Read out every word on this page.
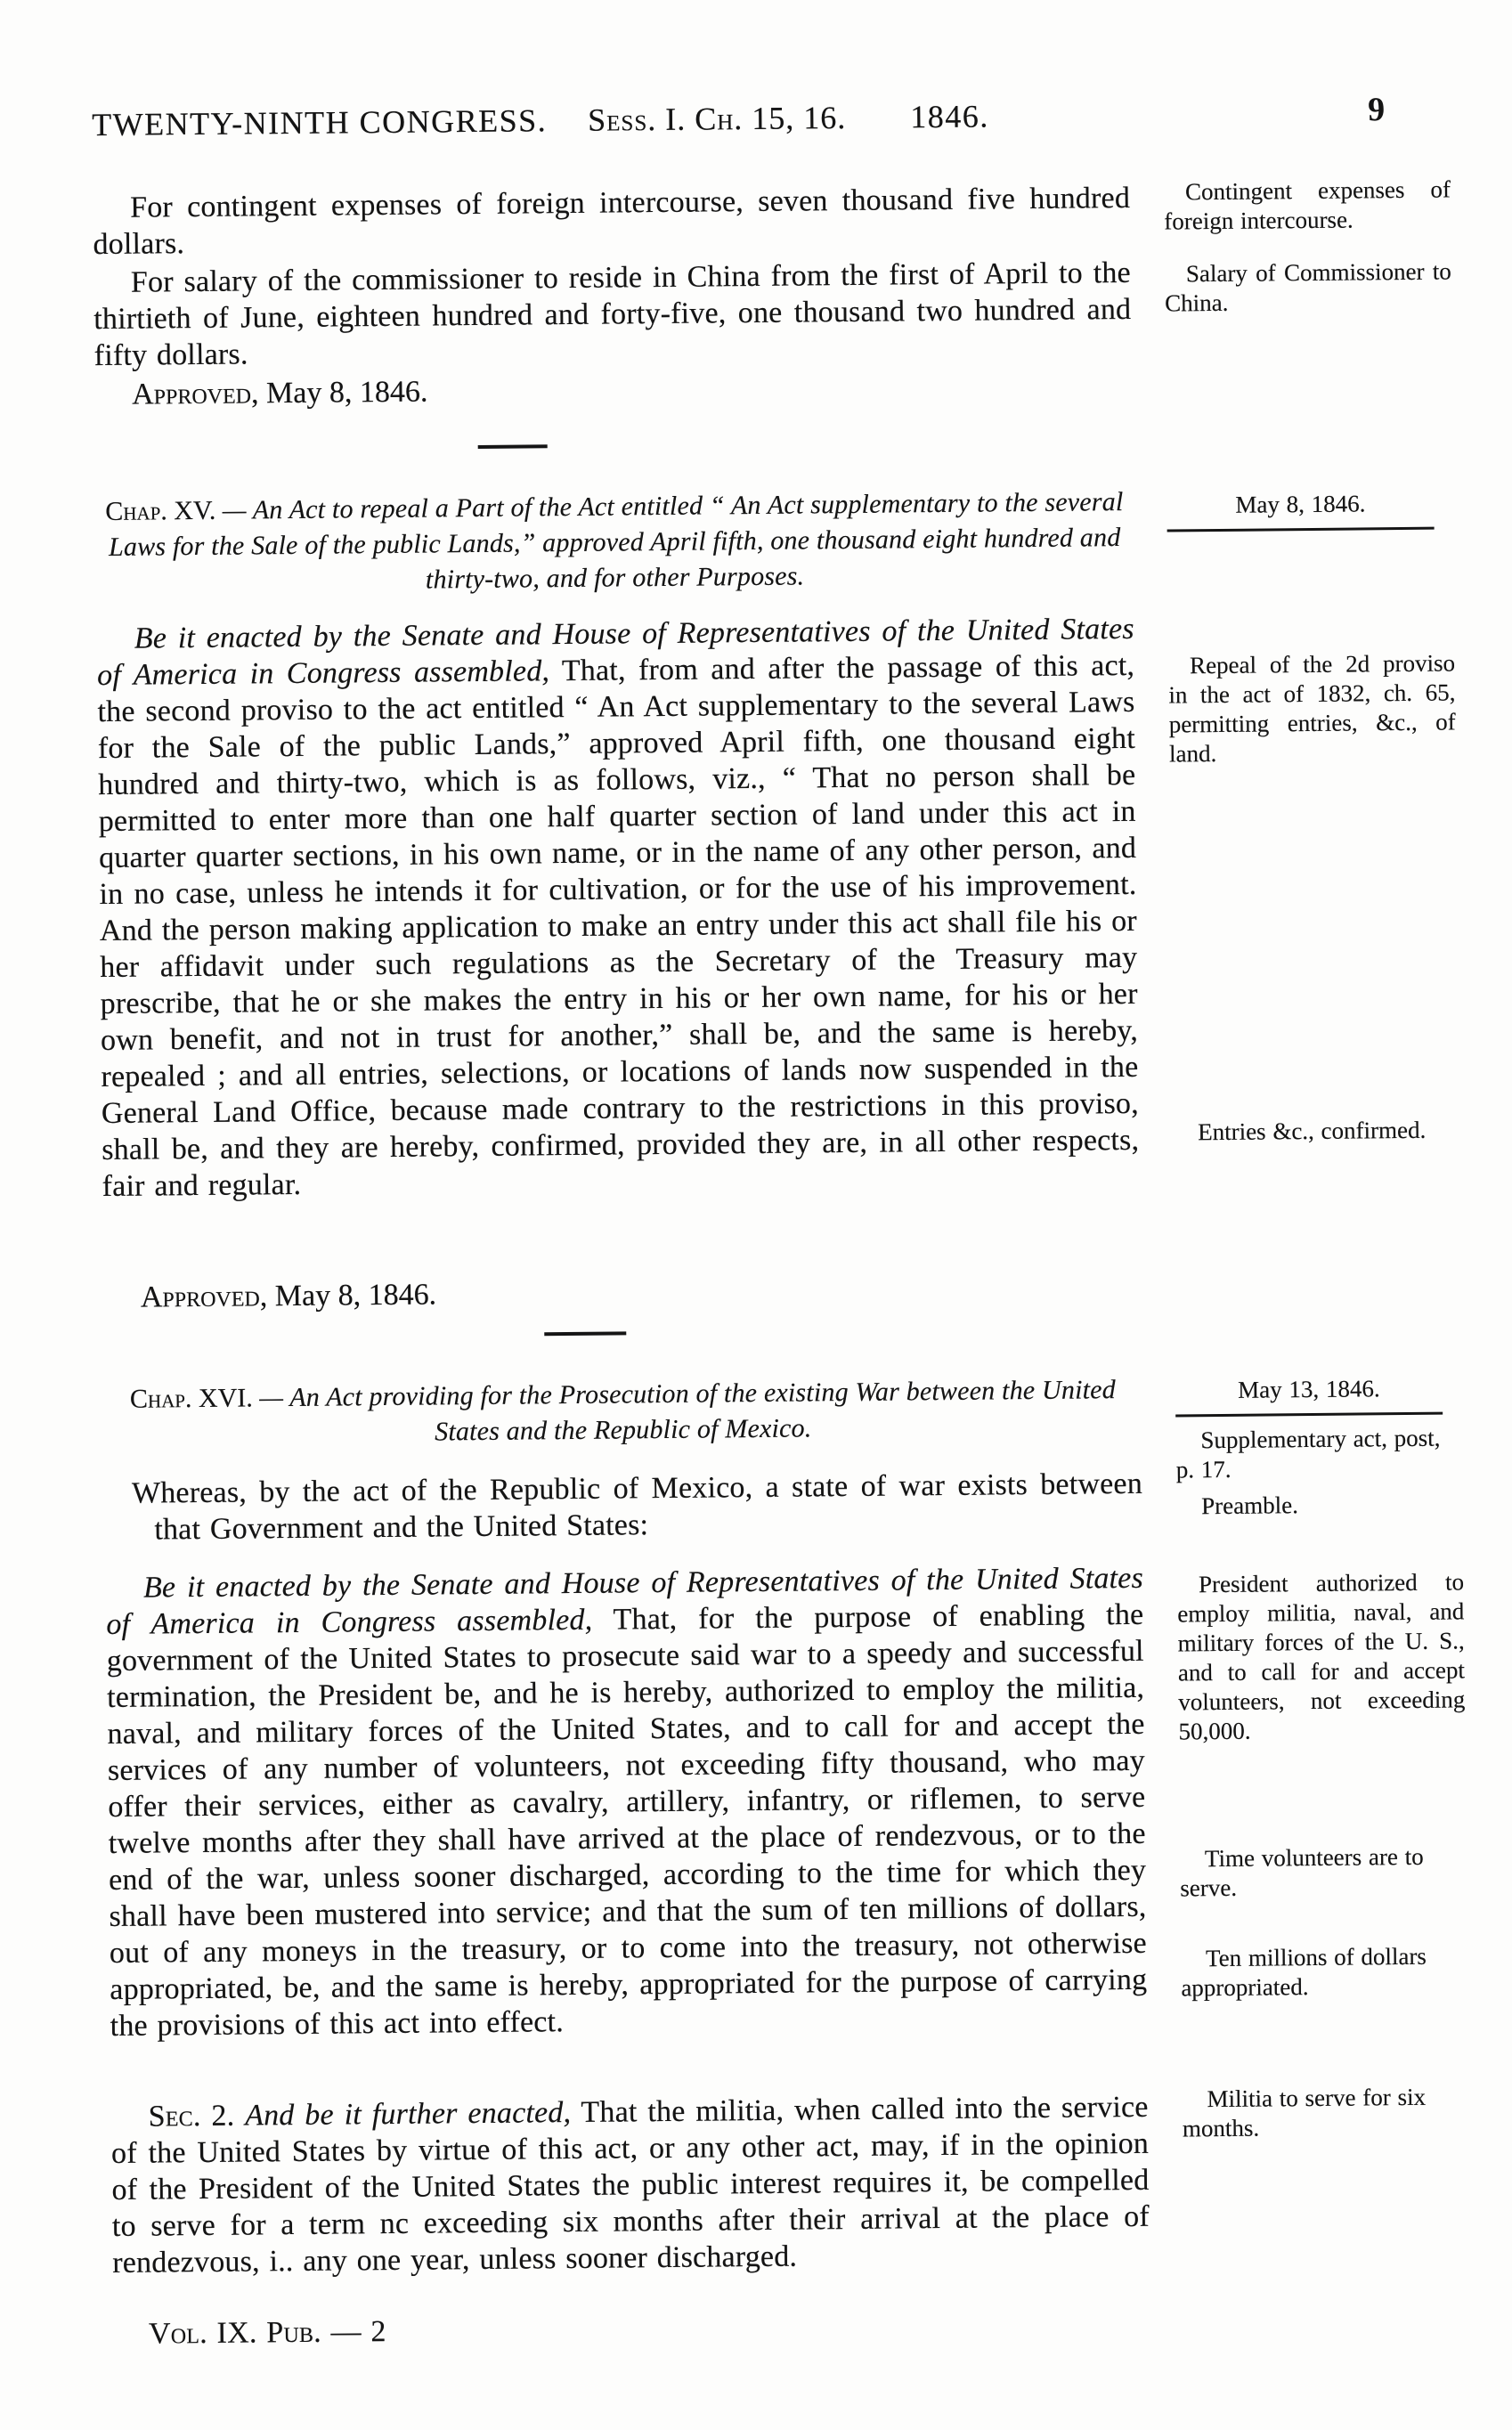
TWENTY-NINTH CONGRESS. Sess. I. Ch. 15, 16. 1846.	9

For contingent expenses of foreign intercourse, seven thousand five hundred dollars.

For salary of the commissioner to reside in China from the first of April to the thirtieth of June, eighteen hundred and forty-five, one thousand two hundred and fifty dollars.

Approved, May 8, 1846.

Chap. XV. — An Act to repeal a Part of the Act entitled “ An Act supplementary to the several Laws for the Sale of the public Lands,” approved April fifth, one thousand eight hundred and thirty-two, and for other Purposes.

Be it enacted by the Senate and House of Representatives of the United States of America in Congress assembled, That, from and after the passage of this act, the second proviso to the act entitled “ An Act supplementary to the several Laws for the Sale of the public Lands,” approved April fifth, one thousand eight hundred and thirty-two, which is as follows, viz., “ That no person shall be permitted to enter more than one half quarter section of land under this act in quarter quarter sections, in his own name, or in the name of any other person, and in no case, unless he intends it for cultivation, or for the use of his improvement. And the person making application to make an entry under this act shall file his or her affidavit under such regulations as the Secretary of the Treasury may prescribe, that he or she makes the entry in his or her own name, for his or her own benefit, and not in trust for another,” shall be, and the same is hereby, repealed ; and all entries, selections, or locations of lands now suspended in the General Land Office, because made contrary to the restrictions in this proviso, shall be, and they are hereby, confirmed, provided they are, in all other respects, fair and regular.

Approved, May 8, 1846.

Chap. XVI. — An Act providing for the Prosecution of the existing War between the United States and the Republic of Mexico.

Whereas, by the act of the Republic of Mexico, a state of war exists between that Government and the United States:

Be it enacted by the Senate and House of Representatives of the United States of America in Congress assembled, That, for the purpose of enabling the government of the United States to prosecute said war to a speedy and successful termination, the President be, and he is hereby, authorized to employ the militia, naval, and military forces of the United States, and to call for and accept the services of any number of volunteers, not exceeding fifty thousand, who may offer their services, either as cavalry, artillery, infantry, or riflemen, to serve twelve months after they shall have arrived at the place of rendezvous, or to the end of the war, unless sooner discharged, according to the time for which they shall have been mustered into service; and that the sum of ten millions of dollars, out of any moneys in the treasury, or to come into the treasury, not otherwise appropriated, be, and the same is hereby, appropriated for the purpose of carrying the provisions of this act into effect.

Sec. 2. And be it further enacted, That the militia, when called into the service of the United States by virtue of this act, or any other act, may, if in the opinion of the President of the United States the public interest requires it, be compelled to serve for a term nc exceeding six months after their arrival at the place of rendezvous, i.. any one year, unless sooner discharged.

Vol. IX. Pub. — 2

Contingent expenses of foreign intercourse.
Salary of Commissioner to China.
May 8, 1846.
Repeal of the 2d proviso in the act of 1832, ch. 65, permitting entries, &c., of land.
Entries &c., confirmed.
May 13, 1846.
Supplementary act, post, p. 17.
Preamble.
President authorized to employ militia, naval, and military forces of the U. S., and to call for and accept volunteers, not exceeding 50,000.
Time volunteers are to serve.
Ten millions of dollars appropriated.
Militia to serve for six months.
